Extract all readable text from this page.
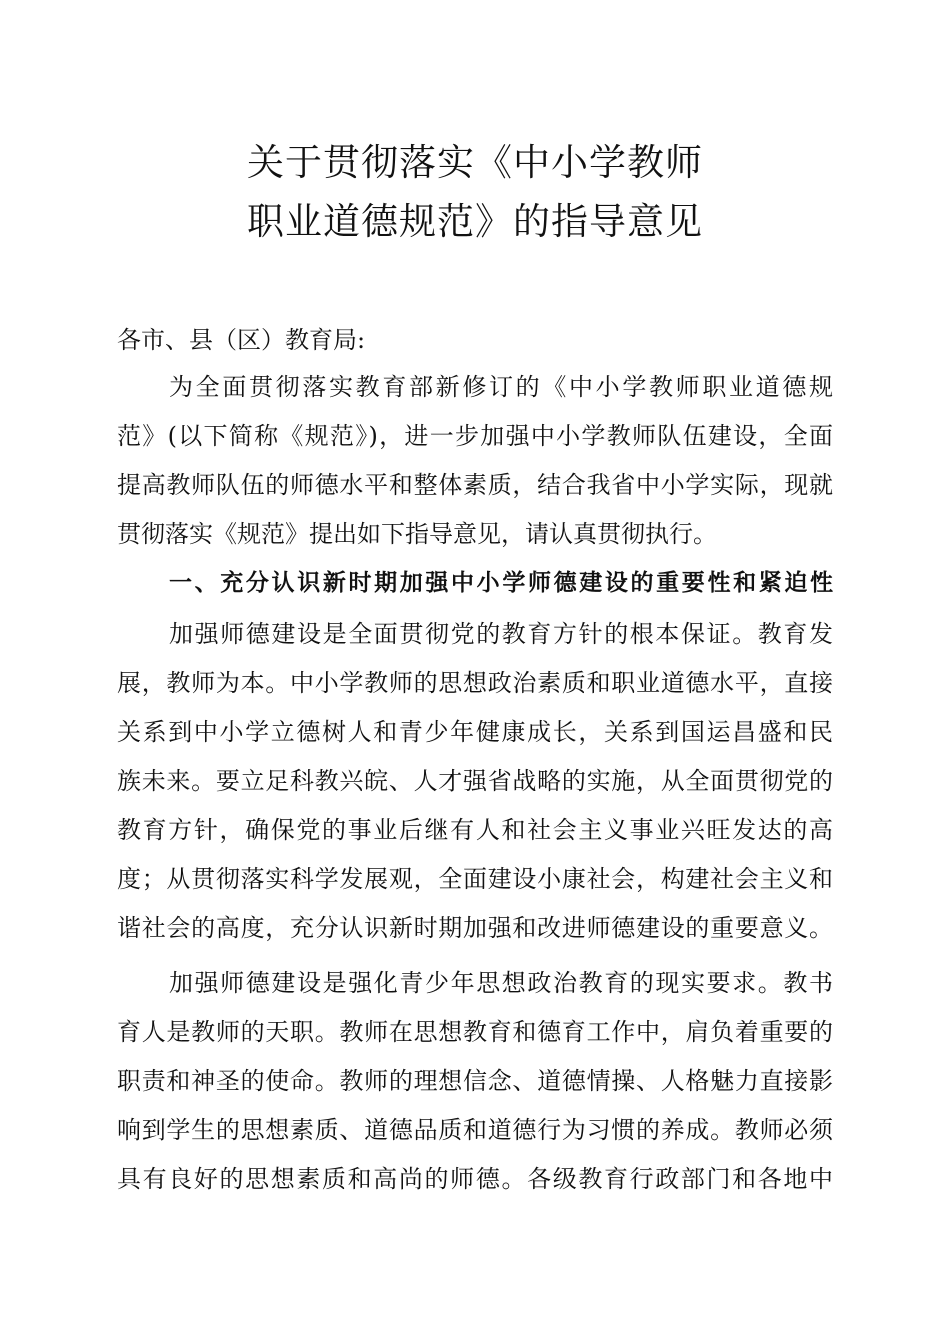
关于贯彻落实《中小学教师
职业道德规范》的指导意见
各市、县（区）教育局:
为全面贯彻落实教育部新修订的《中小学教师职业道德规
范》(以下简称《规范》)，进一步加强中小学教师队伍建设，全面
提高教师队伍的师德水平和整体素质，结合我省中小学实际，现就
贯彻落实《规范》提出如下指导意见，请认真贯彻执行。
一、充分认识新时期加强中小学师德建设的重要性和紧迫性
加强师德建设是全面贯彻党的教育方针的根本保证。教育发
展，教师为本。中小学教师的思想政治素质和职业道德水平，直接
关系到中小学立德树人和青少年健康成长，关系到国运昌盛和民
族未来。要立足科教兴皖、人才强省战略的实施，从全面贯彻党的
教育方针，确保党的事业后继有人和社会主义事业兴旺发达的高
度；从贯彻落实科学发展观，全面建设小康社会，构建社会主义和
谐社会的高度，充分认识新时期加强和改进师德建设的重要意义。
加强师德建设是强化青少年思想政治教育的现实要求。教书
育人是教师的天职。教师在思想教育和德育工作中，肩负着重要的
职责和神圣的使命。教师的理想信念、道德情操、人格魅力直接影
响到学生的思想素质、道德品质和道德行为习惯的养成。教师必须
具有良好的思想素质和高尚的师德。各级教育行政部门和各地中
